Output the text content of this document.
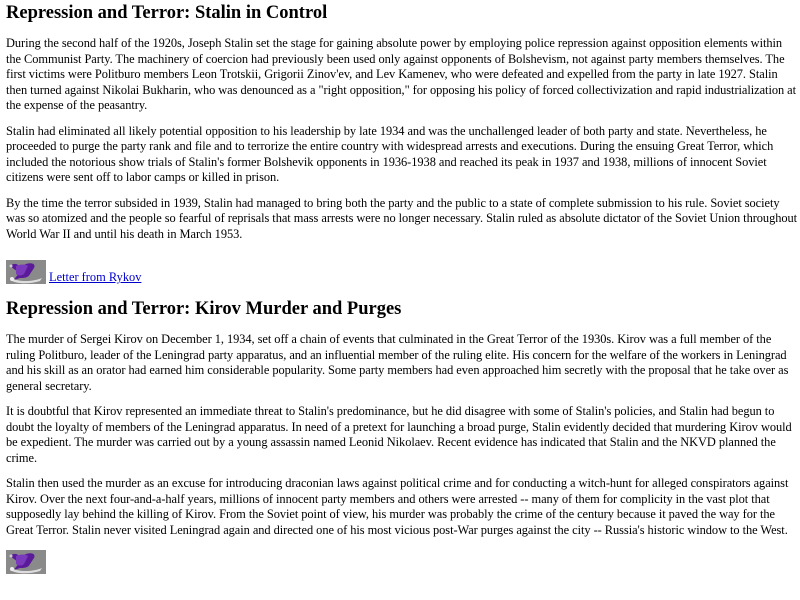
Repression and Terror: Stalin in Control

During the second half of the 1920s, Joseph Stalin set the stage for gaining absolute power by employing police repression against opposition elements within the Communist Party. The machinery of coercion had previously been used only against opponents of Bolshevism, not against party members themselves. The first victims were Politburo members Leon Trotskii, Grigorii Zinov'ev, and Lev Kamenev, who were defeated and expelled from the party in late 1927. Stalin then turned against Nikolai Bukharin, who was denounced as a "right opposition," for opposing his policy of forced collectivization and rapid industrialization at the expense of the peasantry.

Stalin had eliminated all likely potential opposition to his leadership by late 1934 and was the unchallenged leader of both party and state. Nevertheless, he proceeded to purge the party rank and file and to terrorize the entire country with widespread arrests and executions. During the ensuing Great Terror, which included the notorious show trials of Stalin's former Bolshevik opponents in 1936-1938 and reached its peak in 1937 and 1938, millions of innocent Soviet citizens were sent off to labor camps or killed in prison.

By the time the terror subsided in 1939, Stalin had managed to bring both the party and the public to a state of complete submission to his rule. Soviet society was so atomized and the people so fearful of reprisals that mass arrests were no longer necessary. Stalin ruled as absolute dictator of the Soviet Union throughout World War II and until his death in March 1953.

Letter from Rykov
Repression and Terror: Kirov Murder and Purges

The murder of Sergei Kirov on December 1, 1934, set off a chain of events that culminated in the Great Terror of the 1930s. Kirov was a full member of the ruling Politburo, leader of the Leningrad party apparatus, and an influential member of the ruling elite. His concern for the welfare of the workers in Leningrad and his skill as an orator had earned him considerable popularity. Some party members had even approached him secretly with the proposal that he take over as general secretary.

It is doubtful that Kirov represented an immediate threat to Stalin's predominance, but he did disagree with some of Stalin's policies, and Stalin had begun to doubt the loyalty of members of the Leningrad apparatus. In need of a pretext for launching a broad purge, Stalin evidently decided that murdering Kirov would be expedient. The murder was carried out by a young assassin named Leonid Nikolaev. Recent evidence has indicated that Stalin and the NKVD planned the crime.

Stalin then used the murder as an excuse for introducing draconian laws against political crime and for conducting a witch-hunt for alleged conspirators against Kirov. Over the next four-and-a-half years, millions of innocent party members and others were arrested -- many of them for complicity in the vast plot that supposedly lay behind the killing of Kirov. From the Soviet point of view, his murder was probably the crime of the century because it paved the way for the Great Terror. Stalin never visited Leningrad again and directed one of his most vicious post-War purges against the city -- Russia's historic window to the West.
